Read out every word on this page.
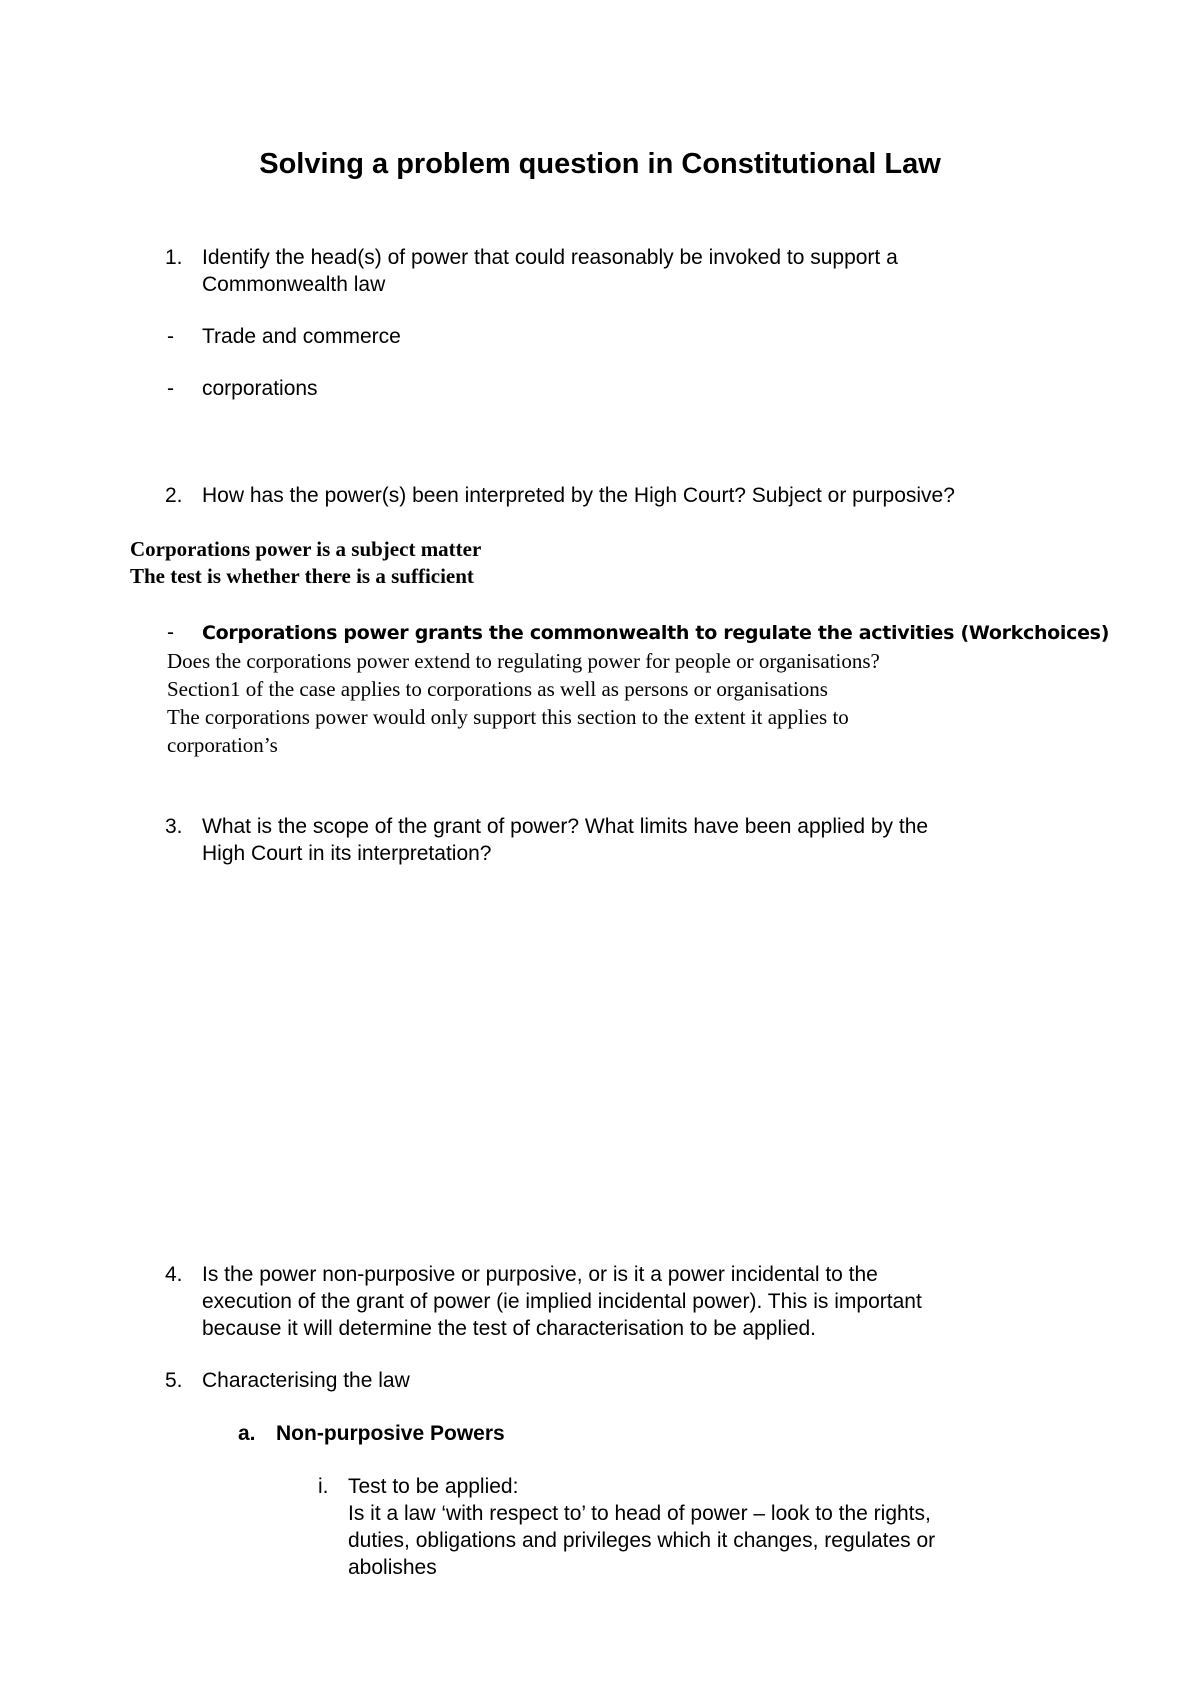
Solving a problem question in Constitutional Law
1. Identify the head(s) of power that could reasonably be invoked to support a
Commonwealth law
- Trade and commerce
- corporations
2. How has the power(s) been interpreted by the High Court? Subject or purposive?
Corporations power is a subject matter
The test is whether there is a sufficient
- Corporations power grants the commonwealth to regulate the activities (Workchoices)
Does the corporations power extend to regulating power for people or organisations?
Section1 of the case applies to corporations as well as persons or organisations
The corporations power would only support this section to the extent it applies to
corporation’s
3. What is the scope of the grant of power? What limits have been applied by the
High Court in its interpretation?
4. Is the power non-purposive or purposive, or is it a power incidental to the
execution of the grant of power (ie implied incidental power). This is important
because it will determine the test of characterisation to be applied.
5. Characterising the law
a. Non-purposive Powers
i. Test to be applied:
Is it a law ‘with respect to’ to head of power – look to the rights,
duties, obligations and privileges which it changes, regulates or
abolishes
